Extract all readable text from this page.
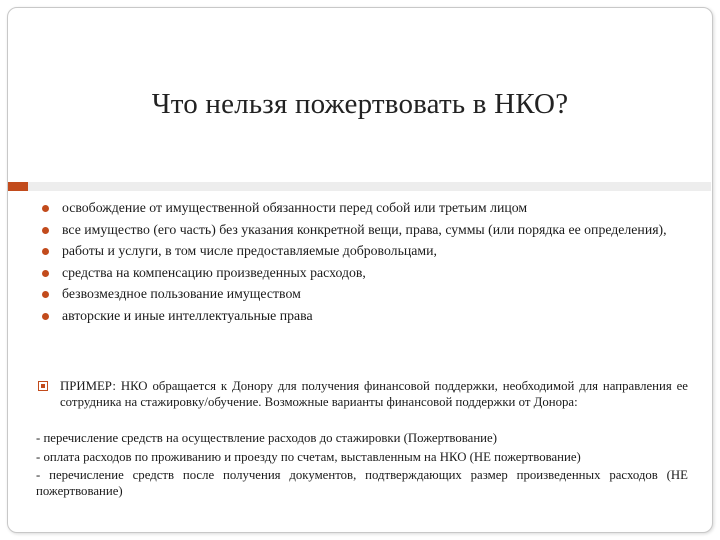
Что нельзя пожертвовать в НКО?
освобождение от имущественной обязанности перед собой или третьим лицом
все имущество (его часть) без указания конкретной вещи, права, суммы (или порядка ее определения),
работы и услуги, в том числе предоставляемые добровольцами,
средства на компенсацию произведенных расходов,
безвозмездное пользование имуществом
авторские и иные интеллектуальные права

ПРИМЕР: НКО обращается к Донору для получения финансовой поддержки, необходимой для направления ее сотрудника на стажировку/обучение. Возможные варианты финансовой поддержки от Донора:

- перечисление средств на осуществление расходов до стажировки (Пожертвование)
- оплата расходов по проживанию и проезду по счетам, выставленным на НКО (НЕ пожертвование)
- перечисление средств после получения документов, подтверждающих размер произведенных расходов (НЕ пожертвование)
